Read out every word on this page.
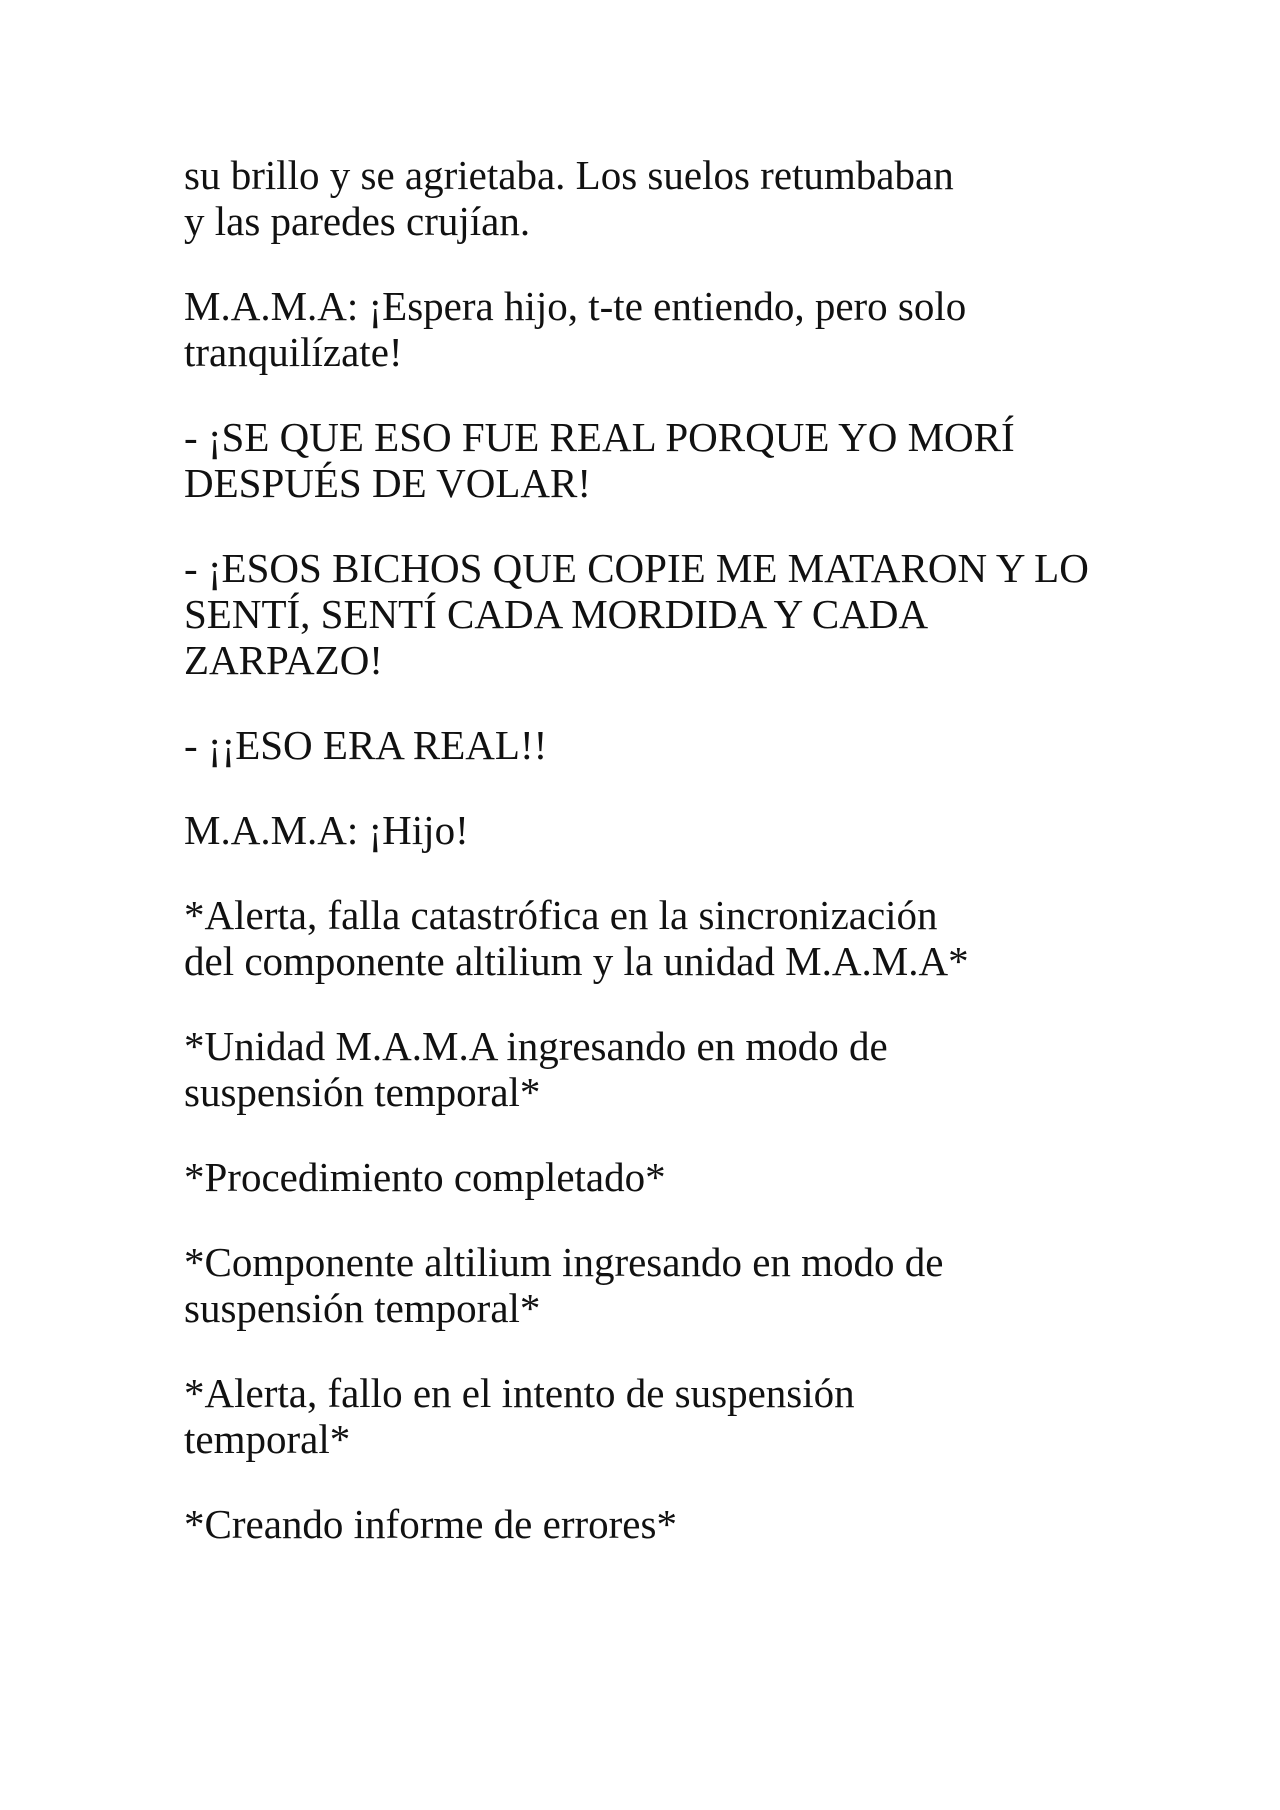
su brillo y se agrietaba. Los suelos retumbaban
y las paredes crujían.

M.A.M.A: ¡Espera hijo, t-te entiendo, pero solo
tranquilízate!

- ¡SE QUE ESO FUE REAL PORQUE YO MORÍ
DESPUÉS DE VOLAR!

- ¡ESOS BICHOS QUE COPIE ME MATARON Y LO
SENTÍ, SENTÍ CADA MORDIDA Y CADA
ZARPAZO!

- ¡¡ESO ERA REAL!!

M.A.M.A: ¡Hijo!

*Alerta, falla catastrófica en la sincronización
del componente altilium y la unidad M.A.M.A*

*Unidad M.A.M.A ingresando en modo de
suspensión temporal*

*Procedimiento completado*

*Componente altilium ingresando en modo de
suspensión temporal*

*Alerta, fallo en el intento de suspensión
temporal*

*Creando informe de errores*
